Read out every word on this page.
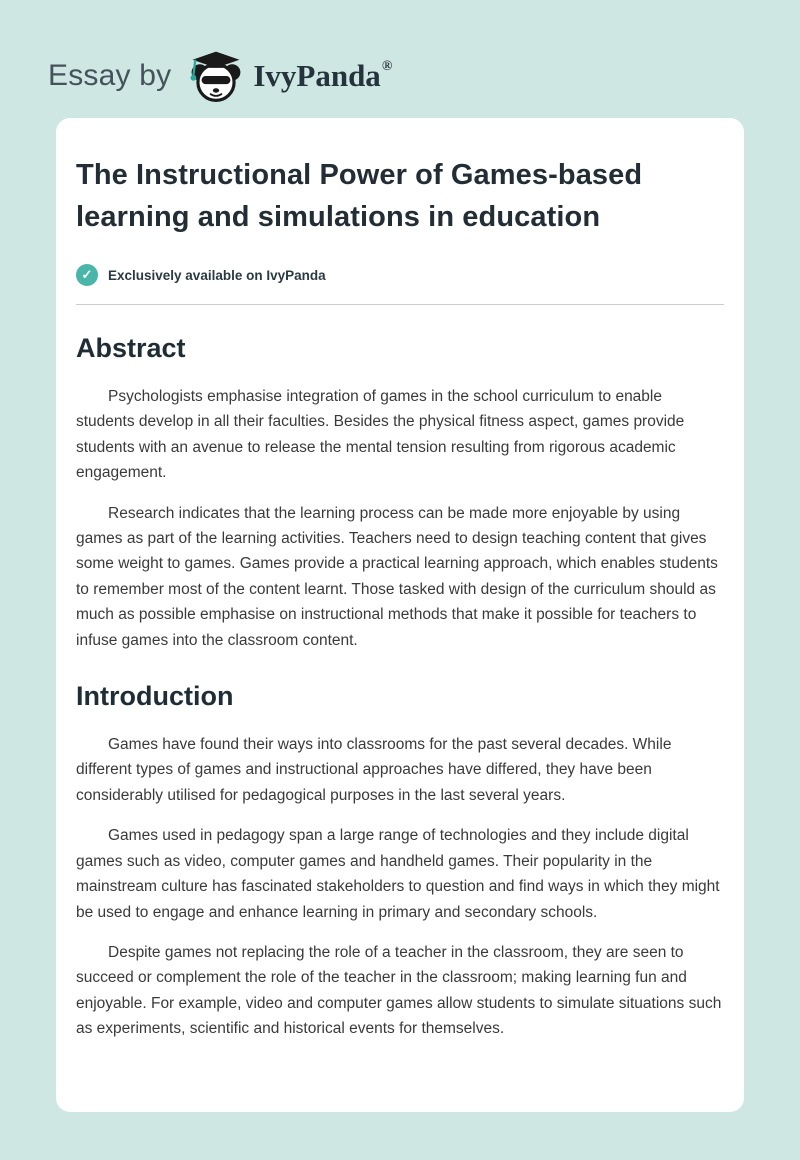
Essay by	IvyPanda ®
The Instructional Power of Games-based learning and simulations in education
✓	Exclusively available on IvyPanda
Abstract

Psychologists emphasise integration of games in the school curriculum to enable students develop in all their faculties. Besides the physical fitness aspect, games provide students with an avenue to release the mental tension resulting from rigorous academic engagement.

Research indicates that the learning process can be made more enjoyable by using games as part of the learning activities. Teachers need to design teaching content that gives some weight to games. Games provide a practical learning approach, which enables students to remember most of the content learnt. Those tasked with design of the curriculum should as much as possible emphasise on instructional methods that make it possible for teachers to infuse games into the classroom content.

Introduction

Games have found their ways into classrooms for the past several decades. While different types of games and instructional approaches have differed, they have been considerably utilised for pedagogical purposes in the last several years.

Games used in pedagogy span a large range of technologies and they include digital games such as video, computer games and handheld games. Their popularity in the mainstream culture has fascinated stakeholders to question and find ways in which they might be used to engage and enhance learning in primary and secondary schools.

Despite games not replacing the role of a teacher in the classroom, they are seen to succeed or complement the role of the teacher in the classroom; making learning fun and enjoyable. For example, video and computer games allow students to simulate situations such as experiments, scientific and historical events for themselves.
